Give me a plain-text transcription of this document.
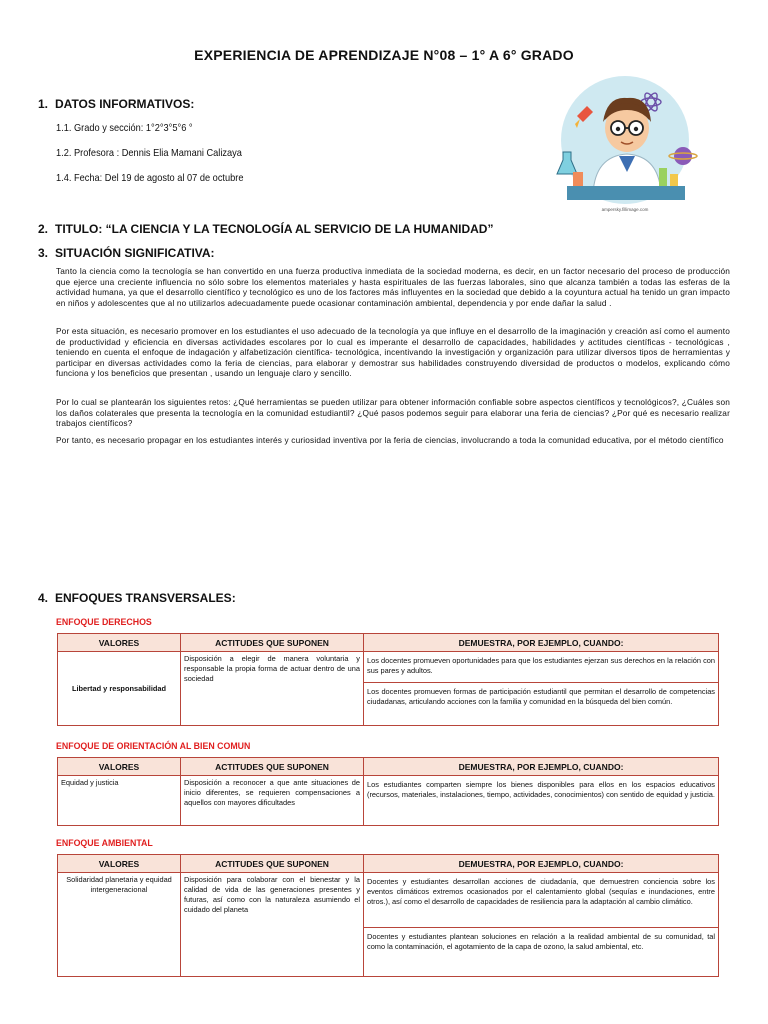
EXPERIENCIA DE APRENDIZAJE N°08 – 1° A 6° GRADO
1. DATOS INFORMATIVOS:
1.1. Grado y sección: 1°2°3°5°6 °
1.2. Profesora : Dennis Elia Mamani Calizaya
1.4. Fecha: Del 19 de agosto al 07 de octubre
ampersky.fillimage.com
2. TITULO: “LA CIENCIA Y LA TECNOLOGÍA AL SERVICIO DE LA HUMANIDAD”
3. SITUACIÓN SIGNIFICATIVA:
Tanto la ciencia como la tecnología se han convertido en una fuerza productiva inmediata de la sociedad moderna, es decir, en un factor necesario del proceso de producción que ejerce una creciente influencia no sólo sobre los elementos materiales y hasta espirituales de las fuerzas laborales, sino que alcanza también a todas las esferas de la actividad humana, ya que el desarrollo científico y tecnológico es uno de los factores más influyentes en la sociedad que debido a la coyuntura actual ha tenido un gran impacto en niños y adolescentes que al no utilizarlos adecuadamente puede ocasionar contaminación ambiental, dependencia y por ende dañar la salud .
Por esta situación, es necesario promover en los estudiantes el uso adecuado de la tecnología ya que influye en el desarrollo de la imaginación y creación así como el aumento de productividad y eficiencia en diversas actividades escolares por lo cual es imperante el desarrollo de capacidades, habilidades y actitudes científicas - tecnológicas , teniendo en cuenta el enfoque de indagación y alfabetización científica- tecnológica, incentivando la investigación y organización para utilizar diversos tipos de herramientas y participar en diversas actividades como la feria de ciencias, para elaborar y demostrar sus habilidades construyendo diversidad de productos o modelos, explicando cómo funciona y los beneficios que presentan , usando un lenguaje claro y sencillo.
Por lo cual se plantearán los siguientes retos: ¿Qué herramientas se pueden utilizar para obtener información confiable sobre aspectos científicos y tecnológicos?, ¿Cuáles son los daños colaterales que presenta la tecnología en la comunidad estudiantil? ¿Qué pasos podemos seguir para elaborar una feria de ciencias? ¿Por qué es necesario realizar trabajos científicos?
Por tanto, es necesario propagar en los estudiantes interés y curiosidad inventiva por la feria de ciencias, involucrando a toda la comunidad educativa, por el método científico
4. ENFOQUES TRANSVERSALES:
ENFOQUE DERECHOS
VALORES	ACTITUDES QUE SUPONEN	DEMUESTRA, POR EJEMPLO, CUANDO:
Libertad y responsabilidad	Disposición a elegir de manera voluntaria y responsable la propia forma de actuar dentro de una sociedad	Los docentes promueven oportunidades para que los estudiantes ejerzan sus derechos en la relación con sus pares y adultos.
		Los docentes promueven formas de participación estudiantil que permitan el desarrollo de competencias ciudadanas, articulando acciones con la familia y comunidad en la búsqueda del bien común.
ENFOQUE DE ORIENTACIÓN AL BIEN COMUN
VALORES	ACTITUDES QUE SUPONEN	DEMUESTRA, POR EJEMPLO, CUANDO:
Equidad y justicia	Disposición a reconocer a que ante situaciones de inicio diferentes, se requieren compensaciones a aquellos con mayores dificultades	Los estudiantes comparten siempre los bienes disponibles para ellos en los espacios educativos (recursos, materiales, instalaciones, tiempo, actividades, conocimientos) con sentido de equidad y justicia.
ENFOQUE AMBIENTAL
VALORES	ACTITUDES QUE SUPONEN	DEMUESTRA, POR EJEMPLO, CUANDO:
Solidaridad planetaria y equidad intergeneracional	Disposición para colaborar con el bienestar y la calidad de vida de las generaciones presentes y futuras, así como con la naturaleza asumiendo el cuidado del planeta	Docentes y estudiantes desarrollan acciones de ciudadanía, que demuestren conciencia sobre los eventos climáticos extremos ocasionados por el calentamiento global (sequías e inundaciones, entre otros.), así como el desarrollo de capacidades de resiliencia para la adaptación al cambio climático.
		Docentes y estudiantes plantean soluciones en relación a la realidad ambiental de su comunidad, tal como la contaminación, el agotamiento de la capa de ozono, la salud ambiental, etc.
